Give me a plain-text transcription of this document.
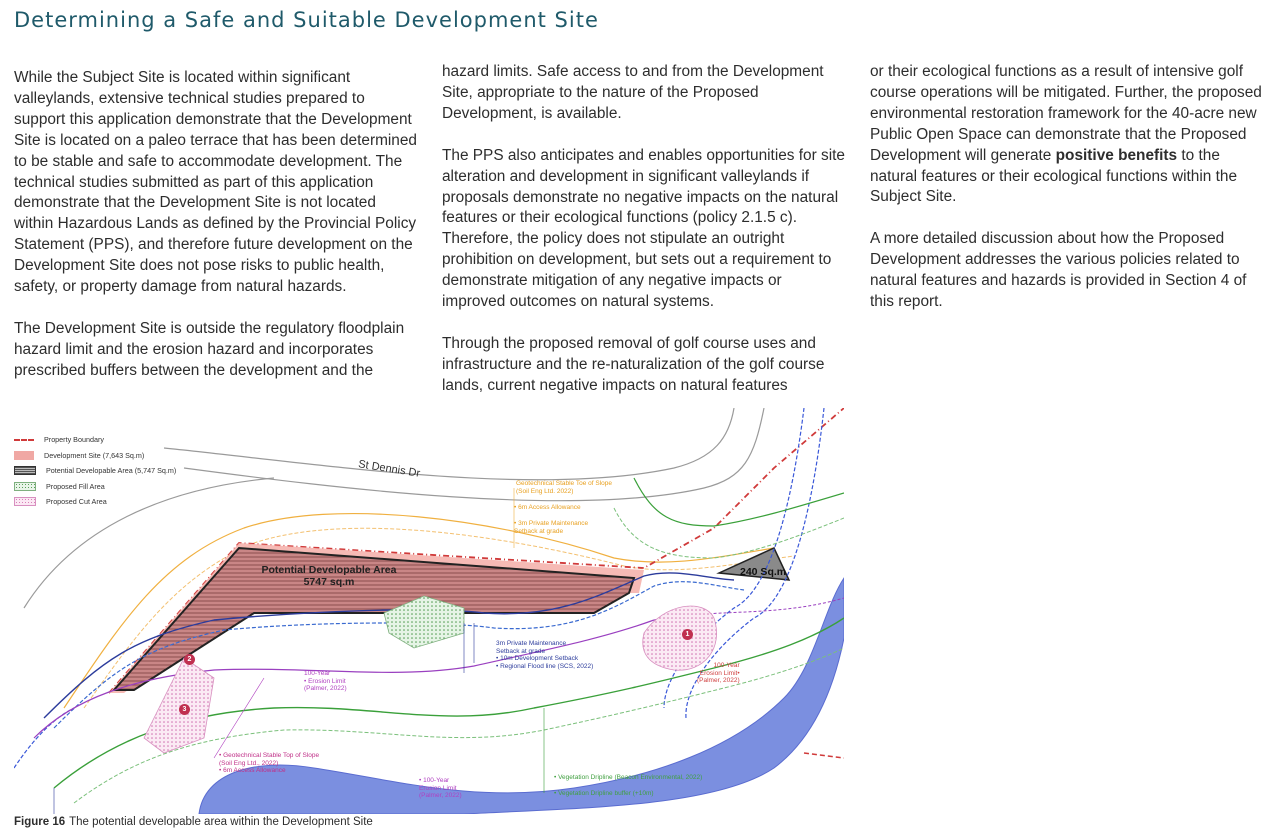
Determining a Safe and Suitable Development Site

While the Subject Site is located within significant valleylands, extensive technical studies prepared to support this application demonstrate that the Development Site is located on a paleo terrace that has been determined to be stable and safe to accommodate development. The technical studies submitted as part of this application demonstrate that the Development Site is not located within Hazardous Lands as defined by the Provincial Policy Statement (PPS), and therefore future development on the Development Site does not pose risks to public health, safety, or property damage from natural hazards.

The Development Site is outside the regulatory floodplain hazard limit and the erosion hazard and incorporates prescribed buffers between the development and the

hazard limits. Safe access to and from the Development Site, appropriate to the nature of the Proposed Development, is available.

The PPS also anticipates and enables opportunities for site alteration and development in significant valleylands if proposals demonstrate no negative impacts on the natural features or their ecological functions (policy 2.1.5 c). Therefore, the policy does not stipulate an outright prohibition on development, but sets out a requirement to demonstrate mitigation of any negative impacts or improved outcomes on natural systems.

Through the proposed removal of golf course uses and infrastructure and the re-naturalization of the golf course lands, current negative impacts on natural features

or their ecological functions as a result of intensive golf course operations will be mitigated. Further, the proposed environmental restoration framework for the 40-acre new Public Open Space can demonstrate that the Proposed Development will generate positive benefits to the natural features or their ecological functions within the Subject Site.

A more detailed discussion about how the Proposed Development addresses the various policies related to natural features and hazards is provided in Section 4 of this report.

St Dennis Dr
Potential Developable Area
5747 sq.m
240 Sq.m
Geotechnical Stable Toe of Slope
(Soil Eng Ltd. 2022)
• 6m Access Allowance
• 3m Private Maintenance
Setback at grade
3m Private Maintenance
Setback at grade
• 10m Development Setback
• Regional Flood line (SCS, 2022)
100-Year
• Erosion Limit
(Palmer, 2022)
100-Year
Erosion Limit•
(Palmer, 2022)
• Geotechnical Stable Top of Slope
(Soil Eng Ltd., 2022)
• 6m Access Allowance
• 100-Year
Erosion Limit
(Palmer, 2022)
• Vegetation Dripline (Beacon Environmental, 2022)
• Vegetation Dripline buffer (+10m)
1
2
3
Property Boundary
Development Site (7,643 Sq.m)
Potential Developable Area (5,747 Sq.m)
Proposed Fill Area
Proposed Cut Area
Figure 16 The potential developable area within the Development Site
